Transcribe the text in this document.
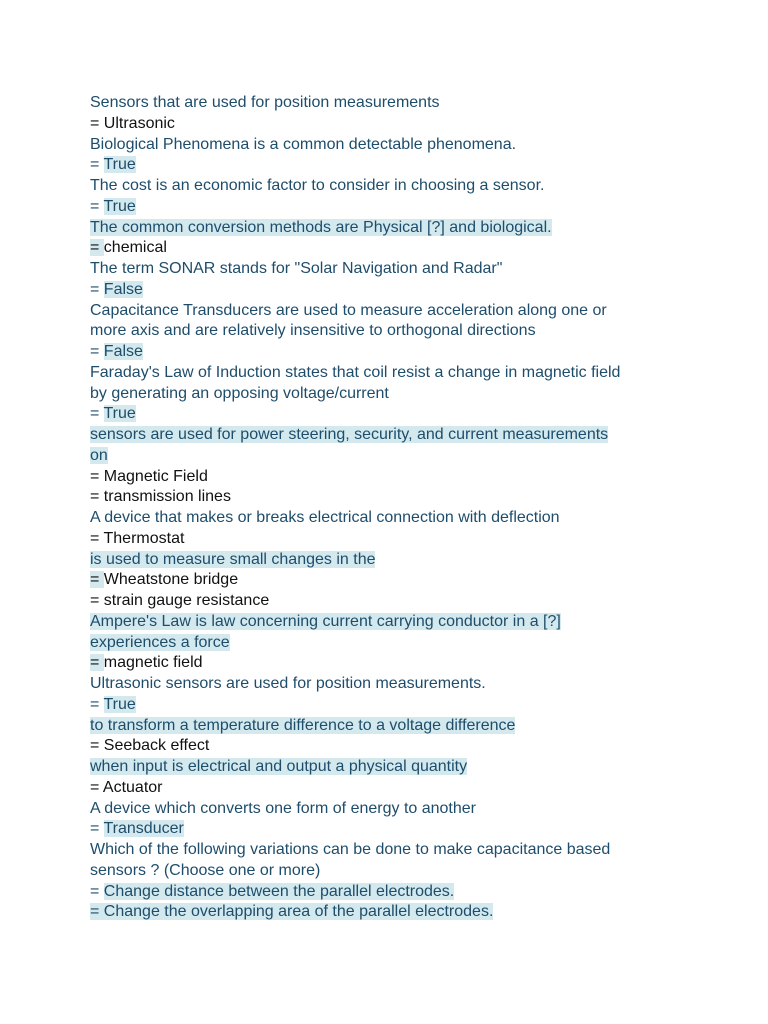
Sensors that are used for position measurements
= Ultrasonic
Biological Phenomena is a common detectable phenomena.
= True
The cost is an economic factor to consider in choosing a sensor.
= True
The common conversion methods are Physical [?] and biological.
= chemical
The term SONAR stands for "Solar Navigation and Radar"
= False
Capacitance Transducers are used to measure acceleration along one or
more axis and are relatively insensitive to orthogonal directions
= False
Faraday's Law of Induction states that coil resist a change in magnetic field
by generating an opposing voltage/current
= True
sensors are used for power steering, security, and current measurements
on
= Magnetic Field
= transmission lines
A device that makes or breaks electrical connection with deflection
= Thermostat
is used to measure small changes in the
= Wheatstone bridge
= strain gauge resistance
Ampere's Law is law concerning current carrying conductor in a [?]
experiences a force
= magnetic field
Ultrasonic sensors are used for position measurements.
= True
to transform a temperature difference to a voltage difference
= Seeback effect
when input is electrical and output a physical quantity
= Actuator
A device which converts one form of energy to another
= Transducer
Which of the following variations can be done to make capacitance based
sensors ? (Choose one or more)
= Change distance between the parallel electrodes.
= Change the overlapping area of the parallel electrodes.
